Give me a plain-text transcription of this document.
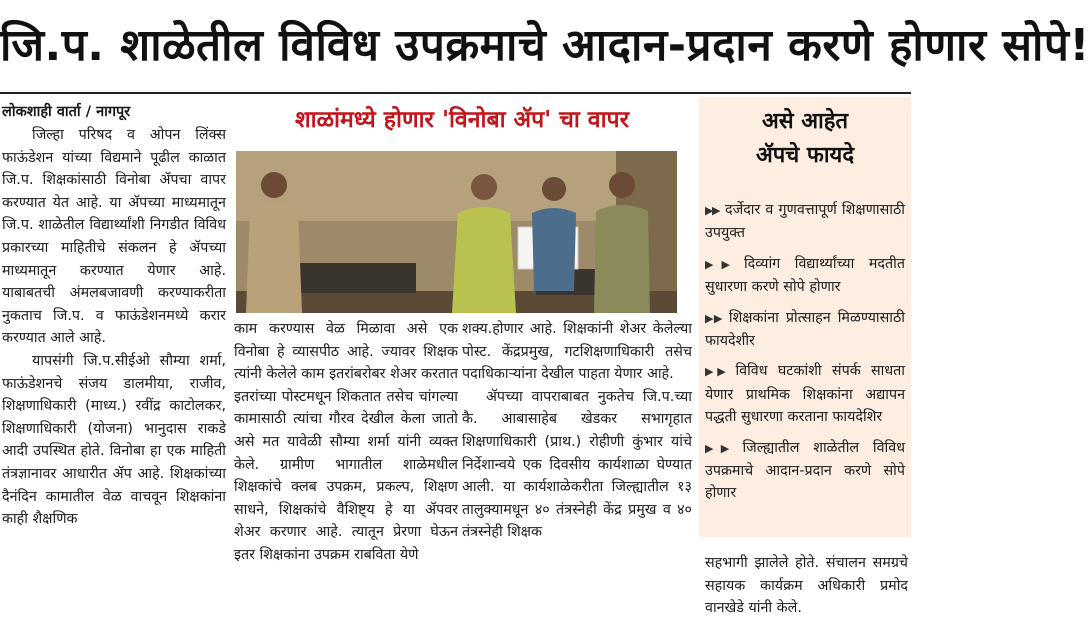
जि.प. शाळेतील विविध उपक्रमाचे आदान-प्रदान करणे होणार सोपे!
लोकशाही वार्ता / नागपूर

जिल्हा परिषद व ओपन लिंक्स फाऊंडेशन यांच्या विद्यमाने पूढील काळात जि.प. शिक्षकांसाठी विनोबा ॲपचा वापर करण्यात येत आहे. या ॲपच्या माध्यमातून जि.प. शाळेतील विद्यार्थ्यांशी निगडीत विविध प्रकारच्या माहितीचे संकलन हे ॲपच्या माध्यमातून करण्यात येणार आहे. याबाबतची अंमलबजावणी करण्याकरीता नुकताच जि.प. व फाऊंडेशनमध्ये करार करण्यात आले आहे.

यापसंगी जि.प.सीईओ सौम्या शर्मा, फाऊंडेशनचे संजय डालमीया, राजीव, शिक्षणाधिकारी (माध्य.) रवींद्र काटोलकर, शिक्षणाधिकारी (योजना) भानुदास राकडे आदी उपस्थित होते. विनोबा हा एक माहिती तंत्रज्ञानावर आधारीत ॲप आहे. शिक्षकांच्या दैनंदिन कामातील वेळ वाचवून शिक्षकांना काही शैक्षणिक

शाळांमध्ये होणार 'विनोबा ॲप' चा वापर

काम करण्यास वेळ मिळावा असे एक विनोबा हे व्यासपीठ आहे. ज्यावर शिक्षक त्यांनी केलेले काम इतरांबरोबर शेअर करतात इतरांच्या पोस्टमधून शिकतात तसेच चांगल्या कामासाठी त्यांचा गौरव देखील केला जातो असे मत यावेळी सौम्या शर्मा यांनी व्यक्त केले. ग्रामीण भागातील शाळेमधील शिक्षकांचे क्लब उपक्रम, प्रकल्प, शिक्षण साधने, शिक्षकांचे वैशिष्ट्य हे या ॲपवर शेअर करणार आहे. त्यातून प्रेरणा घेऊन इतर शिक्षकांना उपक्रम राबविता येणे

शक्य.होणार आहे. शिक्षकांनी शेअर केलेल्या पोस्ट. केंद्रप्रमुख, गटशिक्षणाधिकारी तसेच पदाधिकाऱ्यांना देखील पाहता येणार आहे.

ॲपच्या वापराबाबत नुकतेच जि.प.च्या कै. आबासाहेब खेडकर सभागृहात शिक्षणाधिकारी (प्राथ.) रोहीणी कुंभार यांचे निर्देशान्वये एक दिवसीय कार्यशाळा घेण्यात आली. या कार्यशाळेकरीता जिल्ह्यातील १३ तालुक्यामधून ४० तंत्रस्नेही केंद्र प्रमुख व ४० तंत्रस्नेही शिक्षक

असे आहेत
ॲपचे फायदे
▶▶ दर्जेदार व गुणवत्तापूर्ण शिक्षणासाठी उपयुक्त
▶▶ दिव्यांग विद्यार्थ्यांच्या मदतीत सुधारणा करणे सोपे होणार
▶▶ शिक्षकांना प्रोत्साहन मिळण्यासाठी फायदेशीर
▶▶ विविध घटकांशी संपर्क साधता येणार प्राथमिक शिक्षकांना अद्यापन पद्धती सुधारणा करताना फायदेशिर
▶▶ जिल्ह्यातील शाळेतील विविध उपक्रमाचे आदान-प्रदान करणे सोपे होणार

सहभागी झालेले होते. संचालन समग्रचे सहायक कार्यक्रम अधिकारी प्रमोद वानखेडे यांनी केले.
